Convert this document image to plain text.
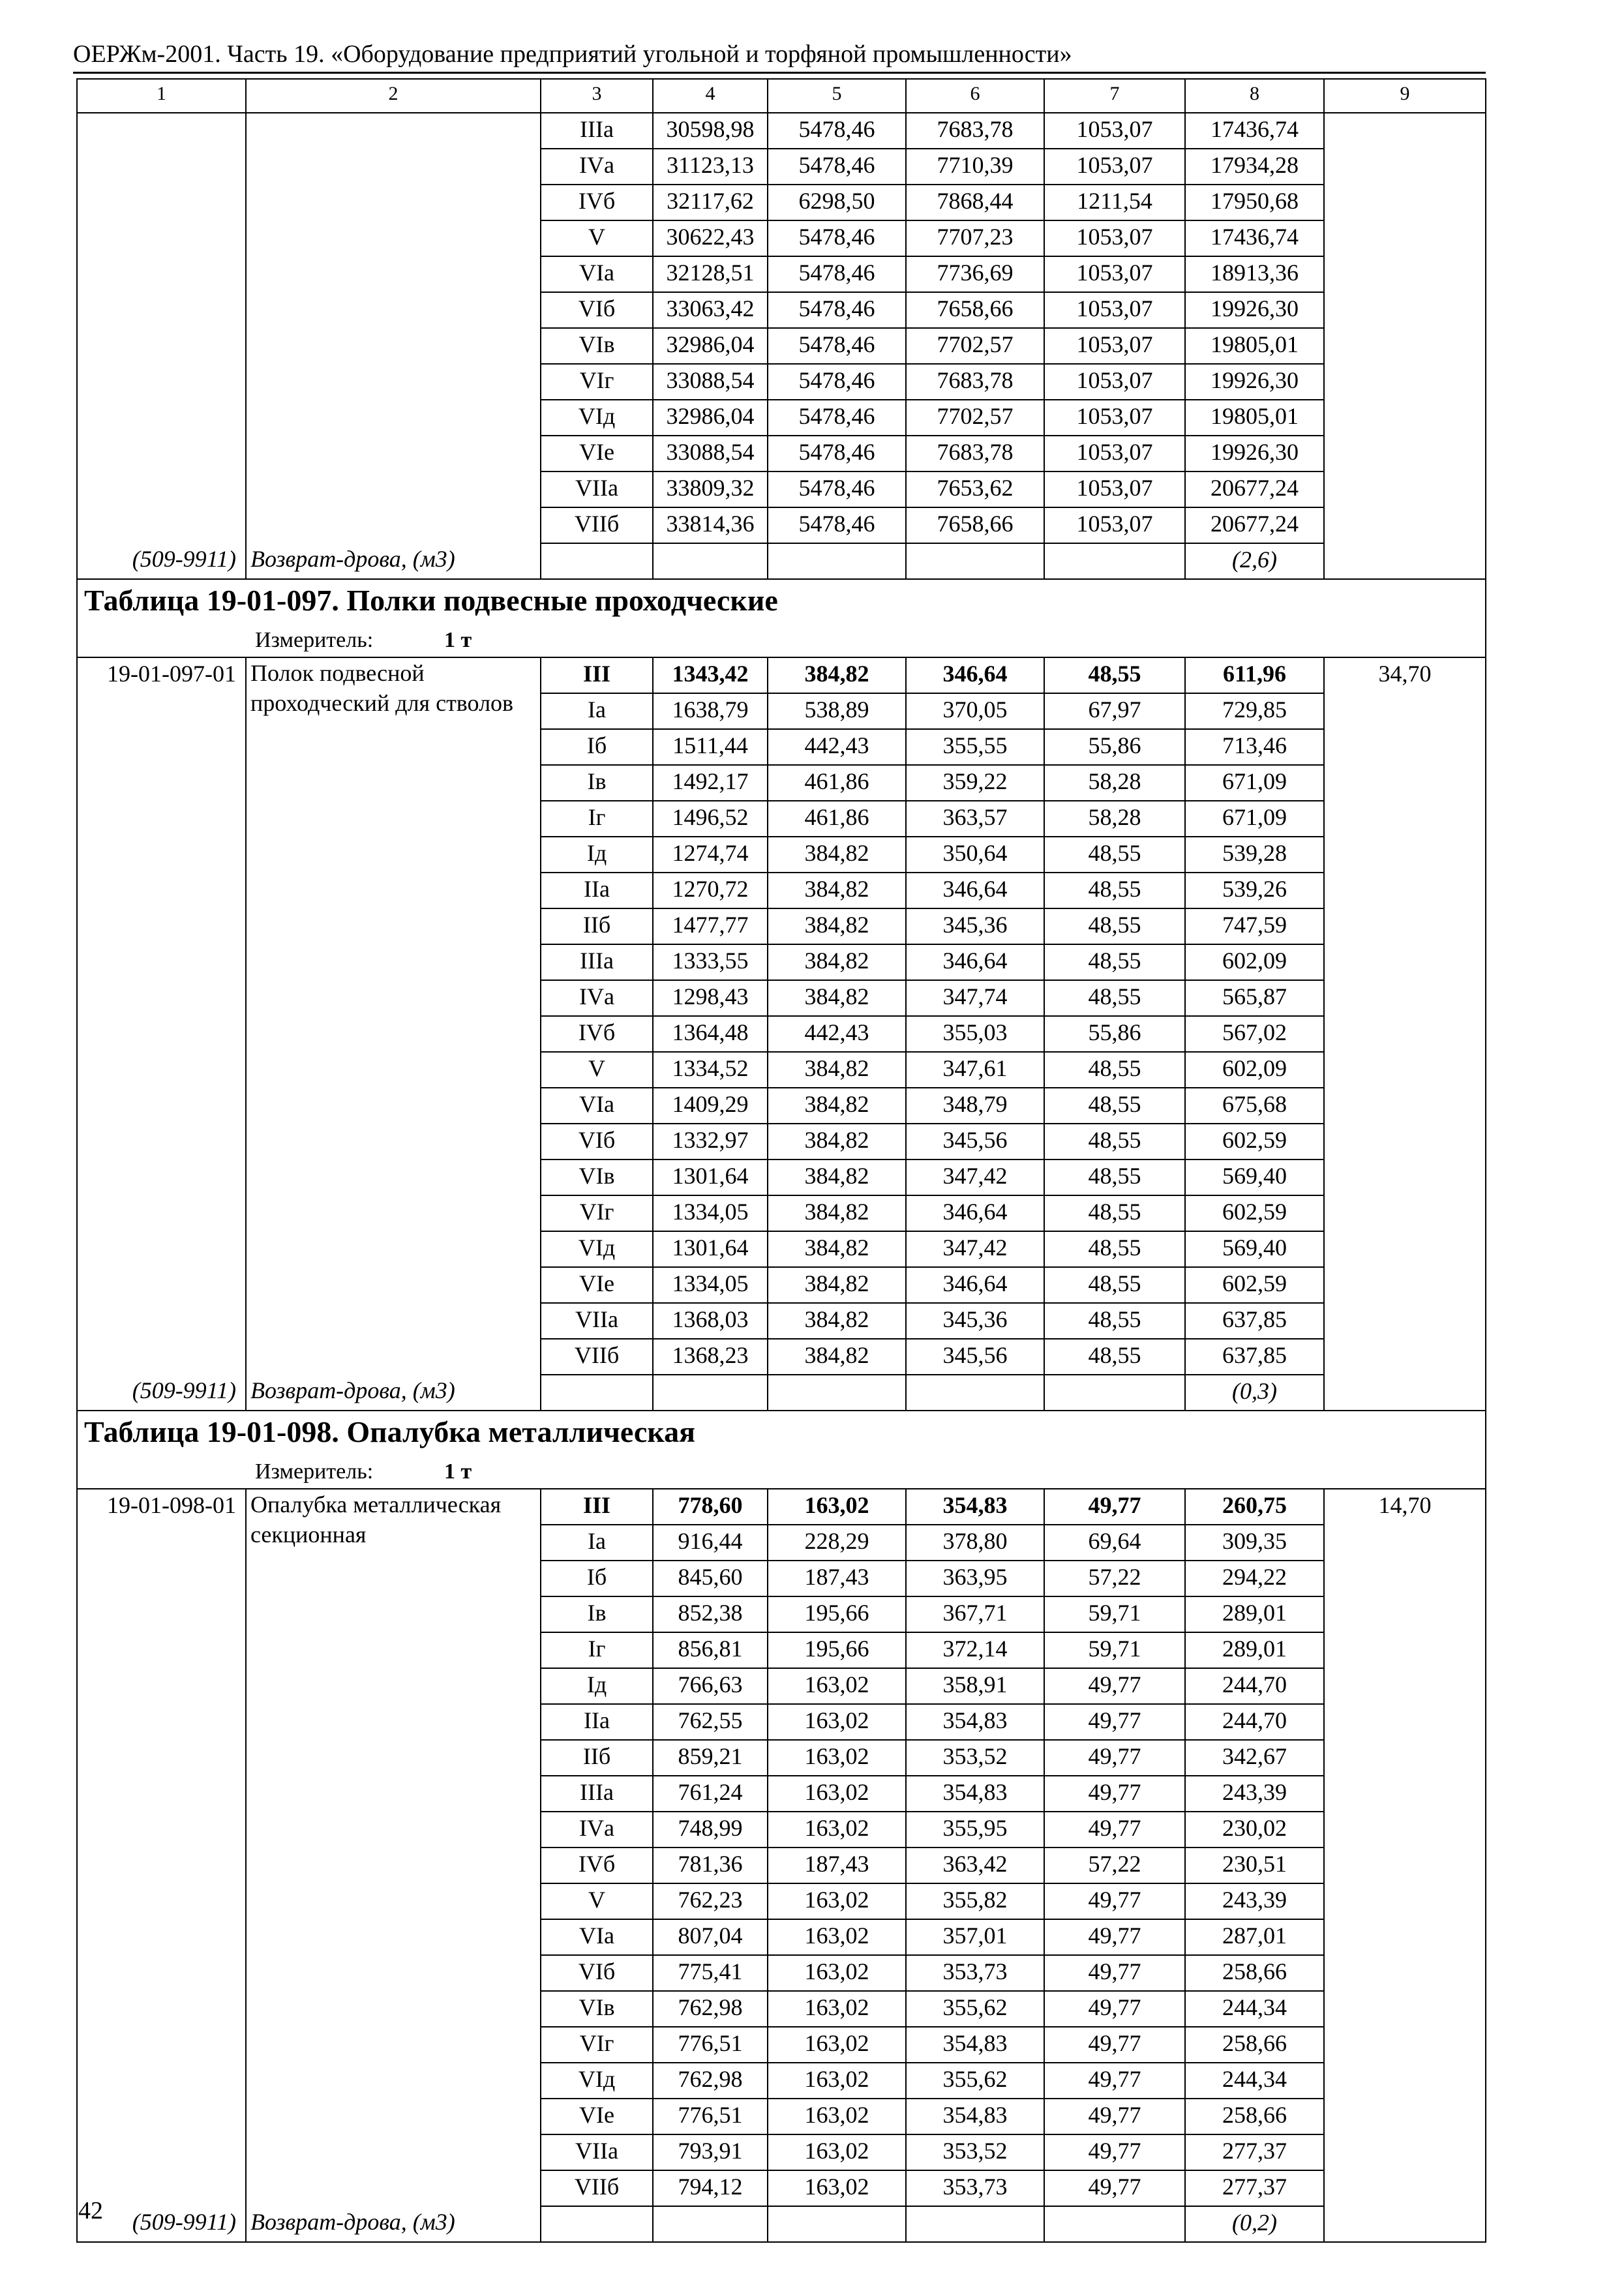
ОЕРЖм-2001. Часть 19. «Оборудование предприятий угольной и торфяной промышленности»
1	2	3	4	5	6	7	8	9
		IIIа	30598,98	5478,46	7683,78	1053,07	17436,74	
		IVа	31123,13	5478,46	7710,39	1053,07	17934,28	
		IVб	32117,62	6298,50	7868,44	1211,54	17950,68	
		V	30622,43	5478,46	7707,23	1053,07	17436,74	
		VIа	32128,51	5478,46	7736,69	1053,07	18913,36	
		VIб	33063,42	5478,46	7658,66	1053,07	19926,30	
		VIв	32986,04	5478,46	7702,57	1053,07	19805,01	
		VIг	33088,54	5478,46	7683,78	1053,07	19926,30	
		VIд	32986,04	5478,46	7702,57	1053,07	19805,01	
		VIе	33088,54	5478,46	7683,78	1053,07	19926,30	
		VIIа	33809,32	5478,46	7653,62	1053,07	20677,24	
		VIIб	33814,36	5478,46	7658,66	1053,07	20677,24	
(509-9911)	Возврат-дрова, (м3)						(2,6)	
Таблица 19-01-097. Полки подвесные проходческие								
Измеритель: 1 т								
19-01-097-01	Полок подвесной проходческий для стволов	III	1343,42	384,82	346,64	48,55	611,96	34,70
		Iа	1638,79	538,89	370,05	67,97	729,85	
		Iб	1511,44	442,43	355,55	55,86	713,46	
		Iв	1492,17	461,86	359,22	58,28	671,09	
		Iг	1496,52	461,86	363,57	58,28	671,09	
		Iд	1274,74	384,82	350,64	48,55	539,28	
		IIа	1270,72	384,82	346,64	48,55	539,26	
		IIб	1477,77	384,82	345,36	48,55	747,59	
		IIIа	1333,55	384,82	346,64	48,55	602,09	
		IVа	1298,43	384,82	347,74	48,55	565,87	
		IVб	1364,48	442,43	355,03	55,86	567,02	
		V	1334,52	384,82	347,61	48,55	602,09	
		VIа	1409,29	384,82	348,79	48,55	675,68	
		VIб	1332,97	384,82	345,56	48,55	602,59	
		VIв	1301,64	384,82	347,42	48,55	569,40	
		VIг	1334,05	384,82	346,64	48,55	602,59	
		VIд	1301,64	384,82	347,42	48,55	569,40	
		VIе	1334,05	384,82	346,64	48,55	602,59	
		VIIа	1368,03	384,82	345,36	48,55	637,85	
		VIIб	1368,23	384,82	345,56	48,55	637,85	
(509-9911)	Возврат-дрова, (м3)						(0,3)	
Таблица 19-01-098. Опалубка металлическая								
Измеритель: 1 т								
19-01-098-01	Опалубка металлическая секционная	III	778,60	163,02	354,83	49,77	260,75	14,70
		Iа	916,44	228,29	378,80	69,64	309,35	
		Iб	845,60	187,43	363,95	57,22	294,22	
		Iв	852,38	195,66	367,71	59,71	289,01	
		Iг	856,81	195,66	372,14	59,71	289,01	
		Iд	766,63	163,02	358,91	49,77	244,70	
		IIа	762,55	163,02	354,83	49,77	244,70	
		IIб	859,21	163,02	353,52	49,77	342,67	
		IIIа	761,24	163,02	354,83	49,77	243,39	
		IVа	748,99	163,02	355,95	49,77	230,02	
		IVб	781,36	187,43	363,42	57,22	230,51	
		V	762,23	163,02	355,82	49,77	243,39	
		VIа	807,04	163,02	357,01	49,77	287,01	
		VIб	775,41	163,02	353,73	49,77	258,66	
		VIв	762,98	163,02	355,62	49,77	244,34	
		VIг	776,51	163,02	354,83	49,77	258,66	
		VIд	762,98	163,02	355,62	49,77	244,34	
		VIе	776,51	163,02	354,83	49,77	258,66	
		VIIа	793,91	163,02	353,52	49,77	277,37	
		VIIб	794,12	163,02	353,73	49,77	277,37	
(509-9911)	Возврат-дрова, (м3)						(0,2)	
42
